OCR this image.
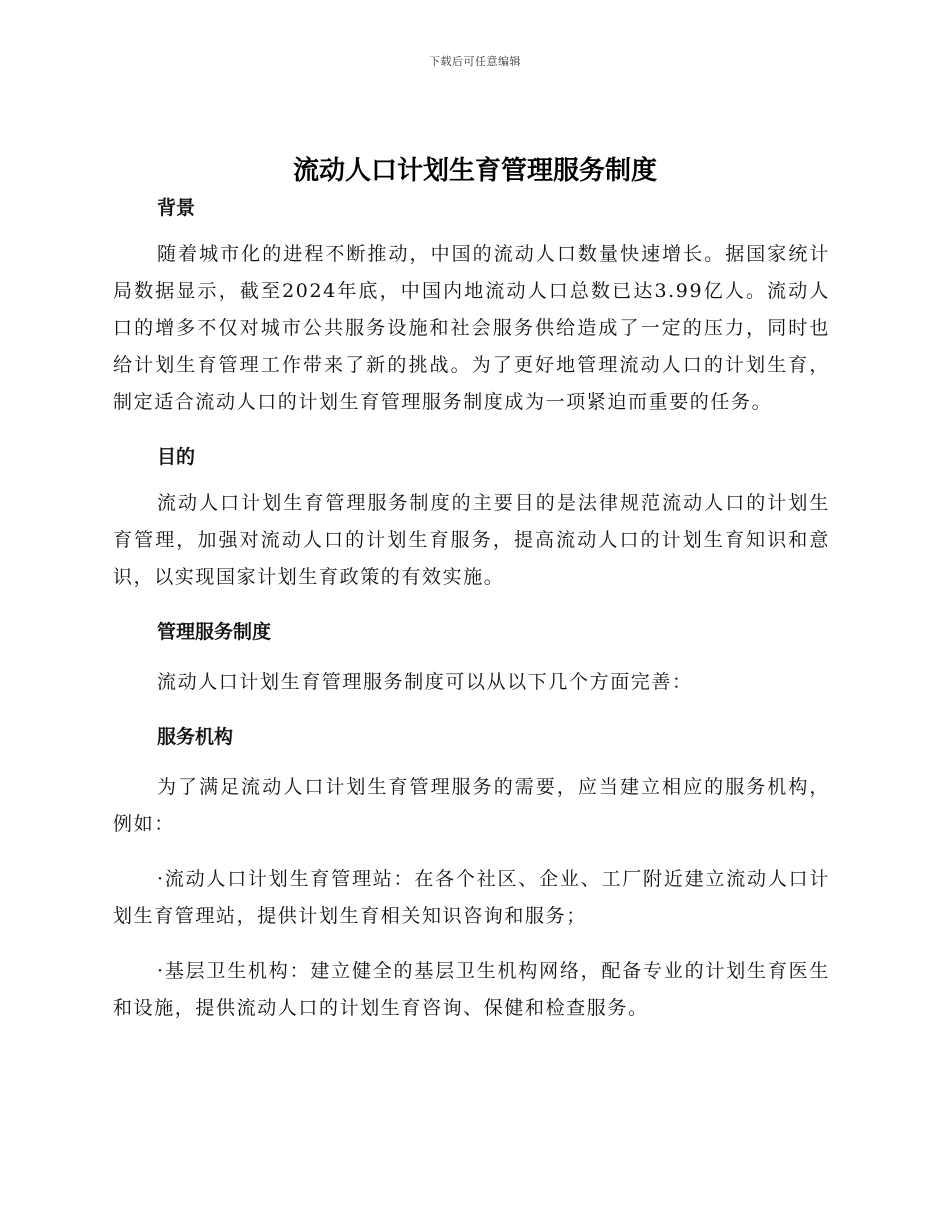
下载后可任意编辑
流动人口计划生育管理服务制度
背景

随着城市化的进程不断推动，中国的流动人口数量快速增长。据国家统计局数据显示，截至2024年底，中国内地流动人口总数已达3.99亿人。流动人口的增多不仅对城市公共服务设施和社会服务供给造成了一定的压力，同时也给计划生育管理工作带来了新的挑战。为了更好地管理流动人口的计划生育，制定适合流动人口的计划生育管理服务制度成为一项紧迫而重要的任务。

目的

流动人口计划生育管理服务制度的主要目的是法律规范流动人口的计划生育管理，加强对流动人口的计划生育服务，提高流动人口的计划生育知识和意识，以实现国家计划生育政策的有效实施。

管理服务制度

流动人口计划生育管理服务制度可以从以下几个方面完善：

服务机构

为了满足流动人口计划生育管理服务的需要，应当建立相应的服务机构，例如：

·流动人口计划生育管理站：在各个社区、企业、工厂附近建立流动人口计划生育管理站，提供计划生育相关知识咨询和服务；

·基层卫生机构：建立健全的基层卫生机构网络，配备专业的计划生育医生和设施，提供流动人口的计划生育咨询、保健和检查服务。
